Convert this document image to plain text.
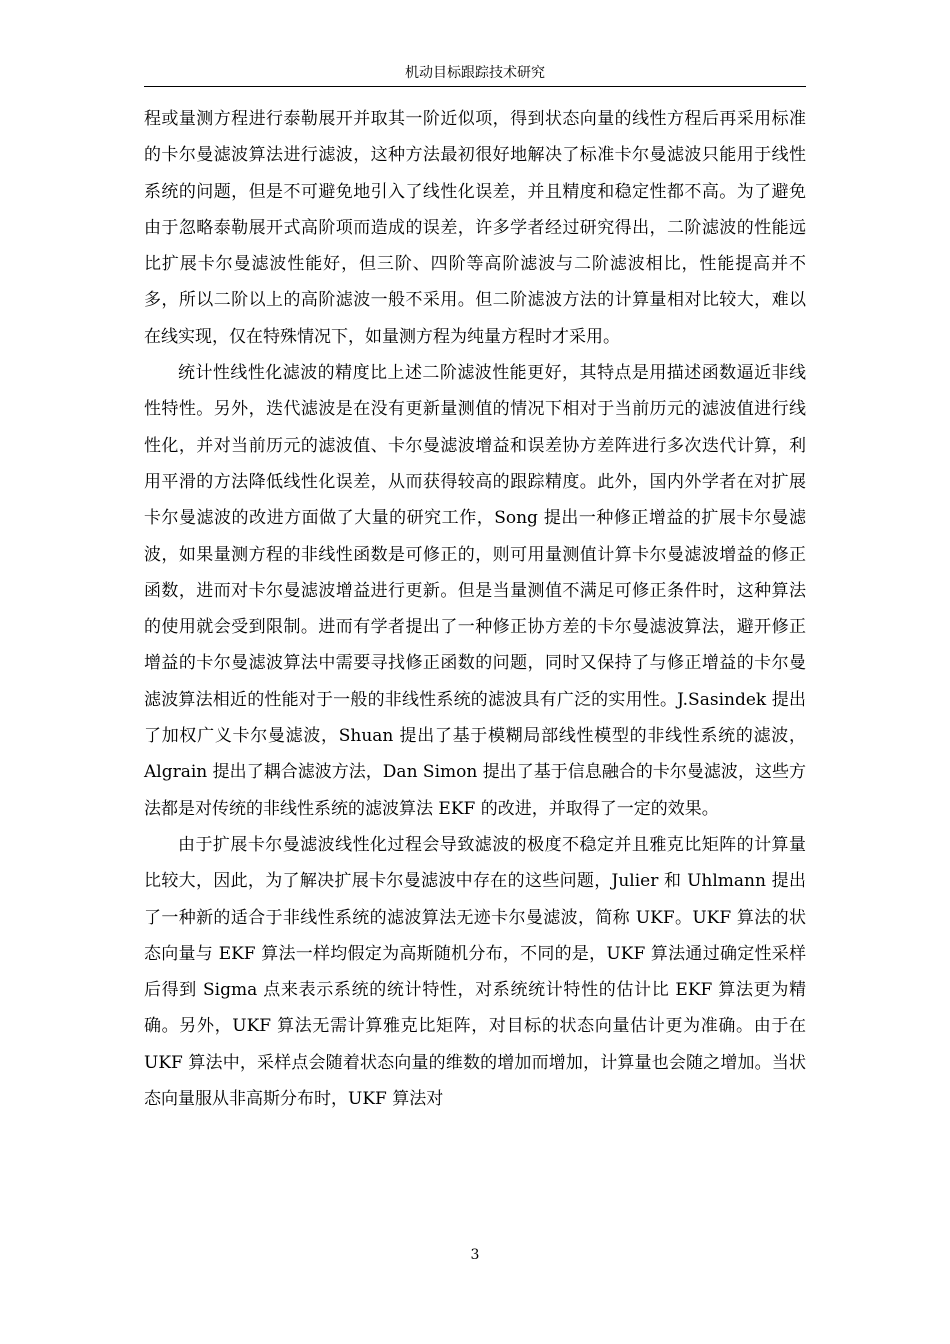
机动目标跟踪技术研究

程或量测方程进行泰勒展开并取其一阶近似项，得到状态向量的线性方程后再采用标准的卡尔曼滤波算法进行滤波，这种方法最初很好地解决了标准卡尔曼滤波只能用于线性系统的问题，但是不可避免地引入了线性化误差，并且精度和稳定性都不高。为了避免由于忽略泰勒展开式高阶项而造成的误差，许多学者经过研究得出，二阶滤波的性能远比扩展卡尔曼滤波性能好，但三阶、四阶等高阶滤波与二阶滤波相比，性能提高并不多，所以二阶以上的高阶滤波一般不采用。但二阶滤波方法的计算量相对比较大，难以在线实现，仅在特殊情况下，如量测方程为纯量方程时才采用。

统计性线性化滤波的精度比上述二阶滤波性能更好，其特点是用描述函数逼近非线性特性。另外，迭代滤波是在没有更新量测值的情况下相对于当前历元的滤波值进行线性化，并对当前历元的滤波值、卡尔曼滤波增益和误差协方差阵进行多次迭代计算，利用平滑的方法降低线性化误差，从而获得较高的跟踪精度。此外，国内外学者在对扩展卡尔曼滤波的改进方面做了大量的研究工作，Song 提出一种修正增益的扩展卡尔曼滤波，如果量测方程的非线性函数是可修正的，则可用量测值计算卡尔曼滤波增益的修正函数，进而对卡尔曼滤波增益进行更新。但是当量测值不满足可修正条件时，这种算法的使用就会受到限制。进而有学者提出了一种修正协方差的卡尔曼滤波算法，避开修正增益的卡尔曼滤波算法中需要寻找修正函数的问题，同时又保持了与修正增益的卡尔曼滤波算法相近的性能对于一般的非线性系统的滤波具有广泛的实用性。J.Sasindek 提出了加权广义卡尔曼滤波，Shuan 提出了基于模糊局部线性模型的非线性系统的滤波，Algrain 提出了耦合滤波方法，Dan Simon 提出了基于信息融合的卡尔曼滤波，这些方法都是对传统的非线性系统的滤波算法 EKF 的改进，并取得了一定的效果。

由于扩展卡尔曼滤波线性化过程会导致滤波的极度不稳定并且雅克比矩阵的计算量比较大，因此，为了解决扩展卡尔曼滤波中存在的这些问题，Julier 和 Uhlmann 提出了一种新的适合于非线性系统的滤波算法无迹卡尔曼滤波，简称 UKF。UKF 算法的状态向量与 EKF 算法一样均假定为高斯随机分布，不同的是，UKF 算法通过确定性采样后得到 Sigma 点来表示系统的统计特性，对系统统计特性的估计比 EKF 算法更为精确。另外，UKF 算法无需计算雅克比矩阵，对目标的状态向量估计更为准确。由于在 UKF 算法中，采样点会随着状态向量的维数的增加而增加，计算量也会随之增加。当状态向量服从非高斯分布时，UKF 算法对

3
